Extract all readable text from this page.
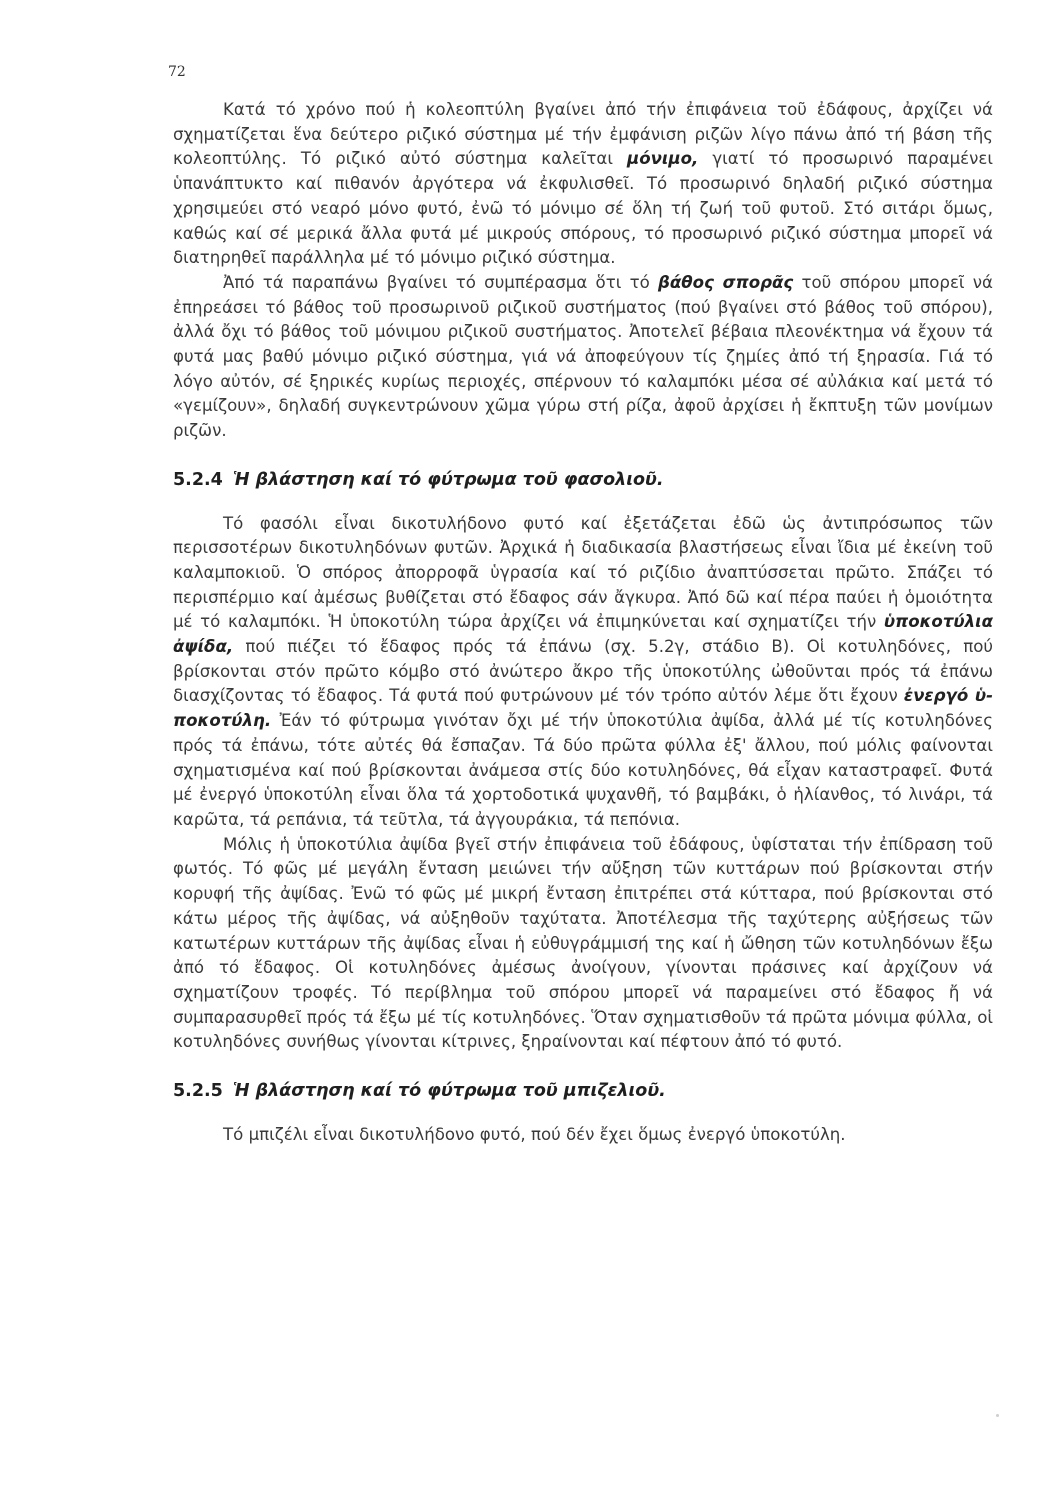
72

Κατά τό χρόνο πού ἡ κολεοπτύλη βγαίνει ἀπό τήν ἐπιφάνεια τοῦ ἐδάφους, ἀρχίζει νά σχηματίζεται ἕνα δεύτερο ριζικό σύστημα μέ τήν ἐμφάνιση ριζῶν λίγο πάνω ἀπό τή βάση τῆς κολεοπτύλης. Τό ριζικό αὐτό σύστημα καλεῖται μόνιμο, γιατί τό προσωρινό παραμένει ὑπανάπτυκτο καί πιθανόν ἀργότερα νά ἐκφυλισθεῖ. Τό προσωρινό δηλαδή ριζικό σύστημα χρησιμεύει στό νεαρό μόνο φυτό, ἐνῶ τό μόνιμο σέ ὅλη τή ζωή τοῦ φυτοῦ. Στό σιτάρι ὅμως, καθώς καί σέ μερικά ἄλλα φυτά μέ μικρούς σπόρους, τό προσωρινό ριζικό σύστημα μπορεῖ νά διατηρηθεῖ παράλληλα μέ τό μόνιμο ριζικό σύστημα.

Ἀπό τά παραπάνω βγαίνει τό συμπέρασμα ὅτι τό βάθος σπορᾶς τοῦ σπόρου μπορεῖ νά ἐπηρεάσει τό βάθος τοῦ προσωρινοῦ ριζικοῦ συστήματος (πού βγαίνει στό βάθος τοῦ σπόρου), ἀλλά ὄχι τό βάθος τοῦ μόνιμου ριζικοῦ συστήματος. Ἀποτελεῖ βέβαια πλεονέκτημα νά ἔχουν τά φυτά μας βαθύ μόνιμο ριζικό σύστημα, γιά νά ἀποφεύγουν τίς ζημίες ἀπό τή ξηρασία. Γιά τό λόγο αὐτόν, σέ ξηρικές κυρίως περιοχές, σπέρνουν τό καλαμπόκι μέσα σέ αὐλάκια καί μετά τό «γεμίζουν», δηλαδή συγκεντρώνουν χῶμα γύρω στή ρίζα, ἀφοῦ ἀρχίσει ἡ ἔκπτυξη τῶν μονίμων ριζῶν.

5.2.4 Ἡ βλάστηση καί τό φύτρωμα τοῦ φασολιοῦ.

Τό φασόλι εἶναι δικοτυλήδονο φυτό καί ἐξετάζεται ἐδῶ ὡς ἀντιπρόσωπος τῶν περισσοτέρων δικοτυληδόνων φυτῶν. Ἀρχικά ἡ διαδικασία βλαστήσεως εἶναι ἴδια μέ ἐκείνη τοῦ καλαμποκιοῦ. Ὁ σπόρος ἀπορροφᾶ ὑγρασία καί τό ριζίδιο ἀναπτύσσεται πρῶτο. Σπάζει τό περισπέρμιο καί ἀμέσως βυθίζεται στό ἔδαφος σάν ἄγκυρα. Ἀπό δῶ καί πέρα παύει ἡ ὁμοιότητα μέ τό καλαμπόκι. Ἡ ὑποκοτύλη τώρα ἀρχίζει νά ἐπιμηκύνεται καί σχηματίζει τήν ὑποκοτύλια ἀψίδα, πού πιέζει τό ἔδαφος πρός τά ἐπάνω (σχ. 5.2γ, στάδιο Β). Οἱ κοτυληδόνες, πού βρίσκονται στόν πρῶτο κόμβο στό ἀνώτερο ἄκρο τῆς ὑποκοτύλης ὠθοῦνται πρός τά ἐπάνω διασχίζοντας τό ἔδαφος. Τά φυτά πού φυτρώνουν μέ τόν τρόπο αὐτόν λέμε ὅτι ἔχουν ἐνεργό ὑποκοτύλη. Ἐάν τό φύτρωμα γινόταν ὄχι μέ τήν ὑποκοτύλια ἀψίδα, ἀλλά μέ τίς κοτυληδόνες πρός τά ἐπάνω, τότε αὐτές θά ἔσπαζαν. Τά δύο πρῶτα φύλλα ἐξ' ἄλλου, πού μόλις φαίνονται σχηματισμένα καί πού βρίσκονται ἀνάμεσα στίς δύο κοτυληδόνες, θά εἶχαν καταστραφεῖ. Φυτά μέ ἐνεργό ὑποκοτύλη εἶναι ὅλα τά χορτοδοτικά ψυχανθῆ, τό βαμβάκι, ὁ ἡλίανθος, τό λινάρι, τά καρῶτα, τά ρεπάνια, τά τεῦτλα, τά ἀγγουράκια, τά πεπόνια.

Μόλις ἡ ὑποκοτύλια ἀψίδα βγεῖ στήν ἐπιφάνεια τοῦ ἐδάφους, ὑφίσταται τήν ἐπίδραση τοῦ φωτός. Τό φῶς μέ μεγάλη ἔνταση μειώνει τήν αὔξηση τῶν κυττάρων πού βρίσκονται στήν κορυφή τῆς ἀψίδας. Ἐνῶ τό φῶς μέ μικρή ἔνταση ἐπιτρέπει στά κύτταρα, πού βρίσκονται στό κάτω μέρος τῆς ἀψίδας, νά αὐξηθοῦν ταχύτατα. Ἀποτέλεσμα τῆς ταχύτερης αὐξήσεως τῶν κατωτέρων κυττάρων τῆς ἀψίδας εἶναι ἡ εὐθυγράμμισή της καί ἡ ὤθηση τῶν κοτυληδόνων ἔξω ἀπό τό ἔδαφος. Οἱ κοτυληδόνες ἀμέσως ἀνοίγουν, γίνονται πράσινες καί ἀρχίζουν νά σχηματίζουν τροφές. Τό περίβλημα τοῦ σπόρου μπορεῖ νά παραμείνει στό ἔδαφος ἤ νά συμπαρασυρθεῖ πρός τά ἔξω μέ τίς κοτυληδόνες. Ὅταν σχηματισθοῦν τά πρῶτα μόνιμα φύλλα, οἱ κοτυληδόνες συνήθως γίνονται κίτρινες, ξηραίνονται καί πέφτουν ἀπό τό φυτό.

5.2.5 Ἡ βλάστηση καί τό φύτρωμα τοῦ μπιζελιοῦ.

Τό μπιζέλι εἶναι δικοτυλήδονο φυτό, πού δέν ἔχει ὅμως ἐνεργό ὑποκοτύλη.
